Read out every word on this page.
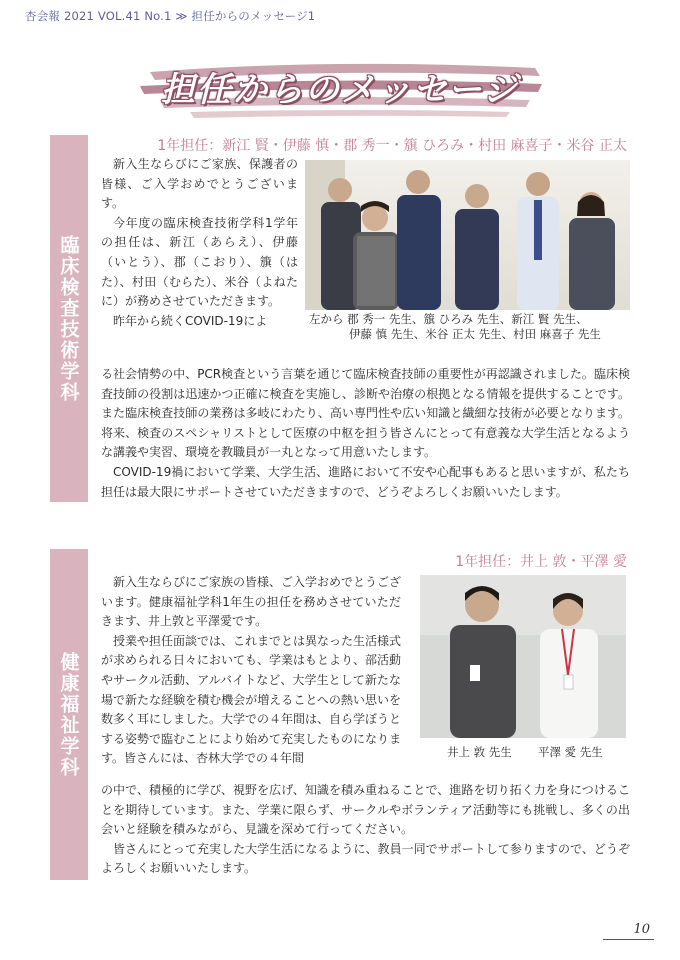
杏会報 2021 VOL.41 No.1 ≫ 担任からのメッセージ1
担任からのメッセージ
臨床検査技術学科
1年担任：新江 賢・伊藤 慎・郡 秀一・籏 ひろみ・村田 麻喜子・米谷 正太

新入生ならびにご家族、保護者の皆様、ご入学おめでとうございます。

今年度の臨床検査技術学科1学年の担任は、新江（あらえ）、伊藤（いとう）、郡（こおり）、籏（はた）、村田（むらた）、米谷（よねたに）が務めさせていただきます。

昨年から続くCOVID-19によ	左から 郡 秀一 先生、籏 ひろみ 先生、新江 賢 先生、
伊藤 慎 先生、米谷 正太 先生、村田 麻喜子 先生

る社会情勢の中、PCR検査という言葉を通じて臨床検査技師の重要性が再認識されました。臨床検査技師の役割は迅速かつ正確に検査を実施し、診断や治療の根拠となる情報を提供することです。また臨床検査技師の業務は多岐にわたり、高い専門性や広い知識と繊細な技術が必要となります。将来、検査のスペシャリストとして医療の中枢を担う皆さんにとって有意義な大学生活となるような講義や実習、環境を教職員が一丸となって用意いたします。

COVID-19禍において学業、大学生活、進路において不安や心配事もあると思いますが、私たち担任は最大限にサポートさせていただきますので、どうぞよろしくお願いいたします。

健康福祉学科
1年担任：井上 敦・平澤 愛

新入生ならびにご家族の皆様、ご入学おめでとうございます。健康福祉学科1年生の担任を務めさせていただきます、井上敦と平澤愛です。

授業や担任面談では、これまでとは異なった生活様式が求められる日々においても、学業はもとより、部活動やサークル活動、アルバイトなど、大学生として新たな場で新たな経験を積む機会が増えることへの熱い思いを数多く耳にしました。大学での４年間は、自ら学ぼうとする姿勢で臨むことにより始めて充実したものになります。皆さんには、杏林大学での４年間	井上 敦 先生 平澤 愛 先生

の中で、積極的に学び、視野を広げ、知識を積み重ねることで、進路を切り拓く力を身につけることを期待しています。また、学業に限らず、サークルやボランティア活動等にも挑戦し、多くの出会いと経験を積みながら、見識を深めて行ってください。

皆さんにとって充実した大学生活になるように、教員一同でサポートして参りますので、どうぞよろしくお願いいたします。

10
